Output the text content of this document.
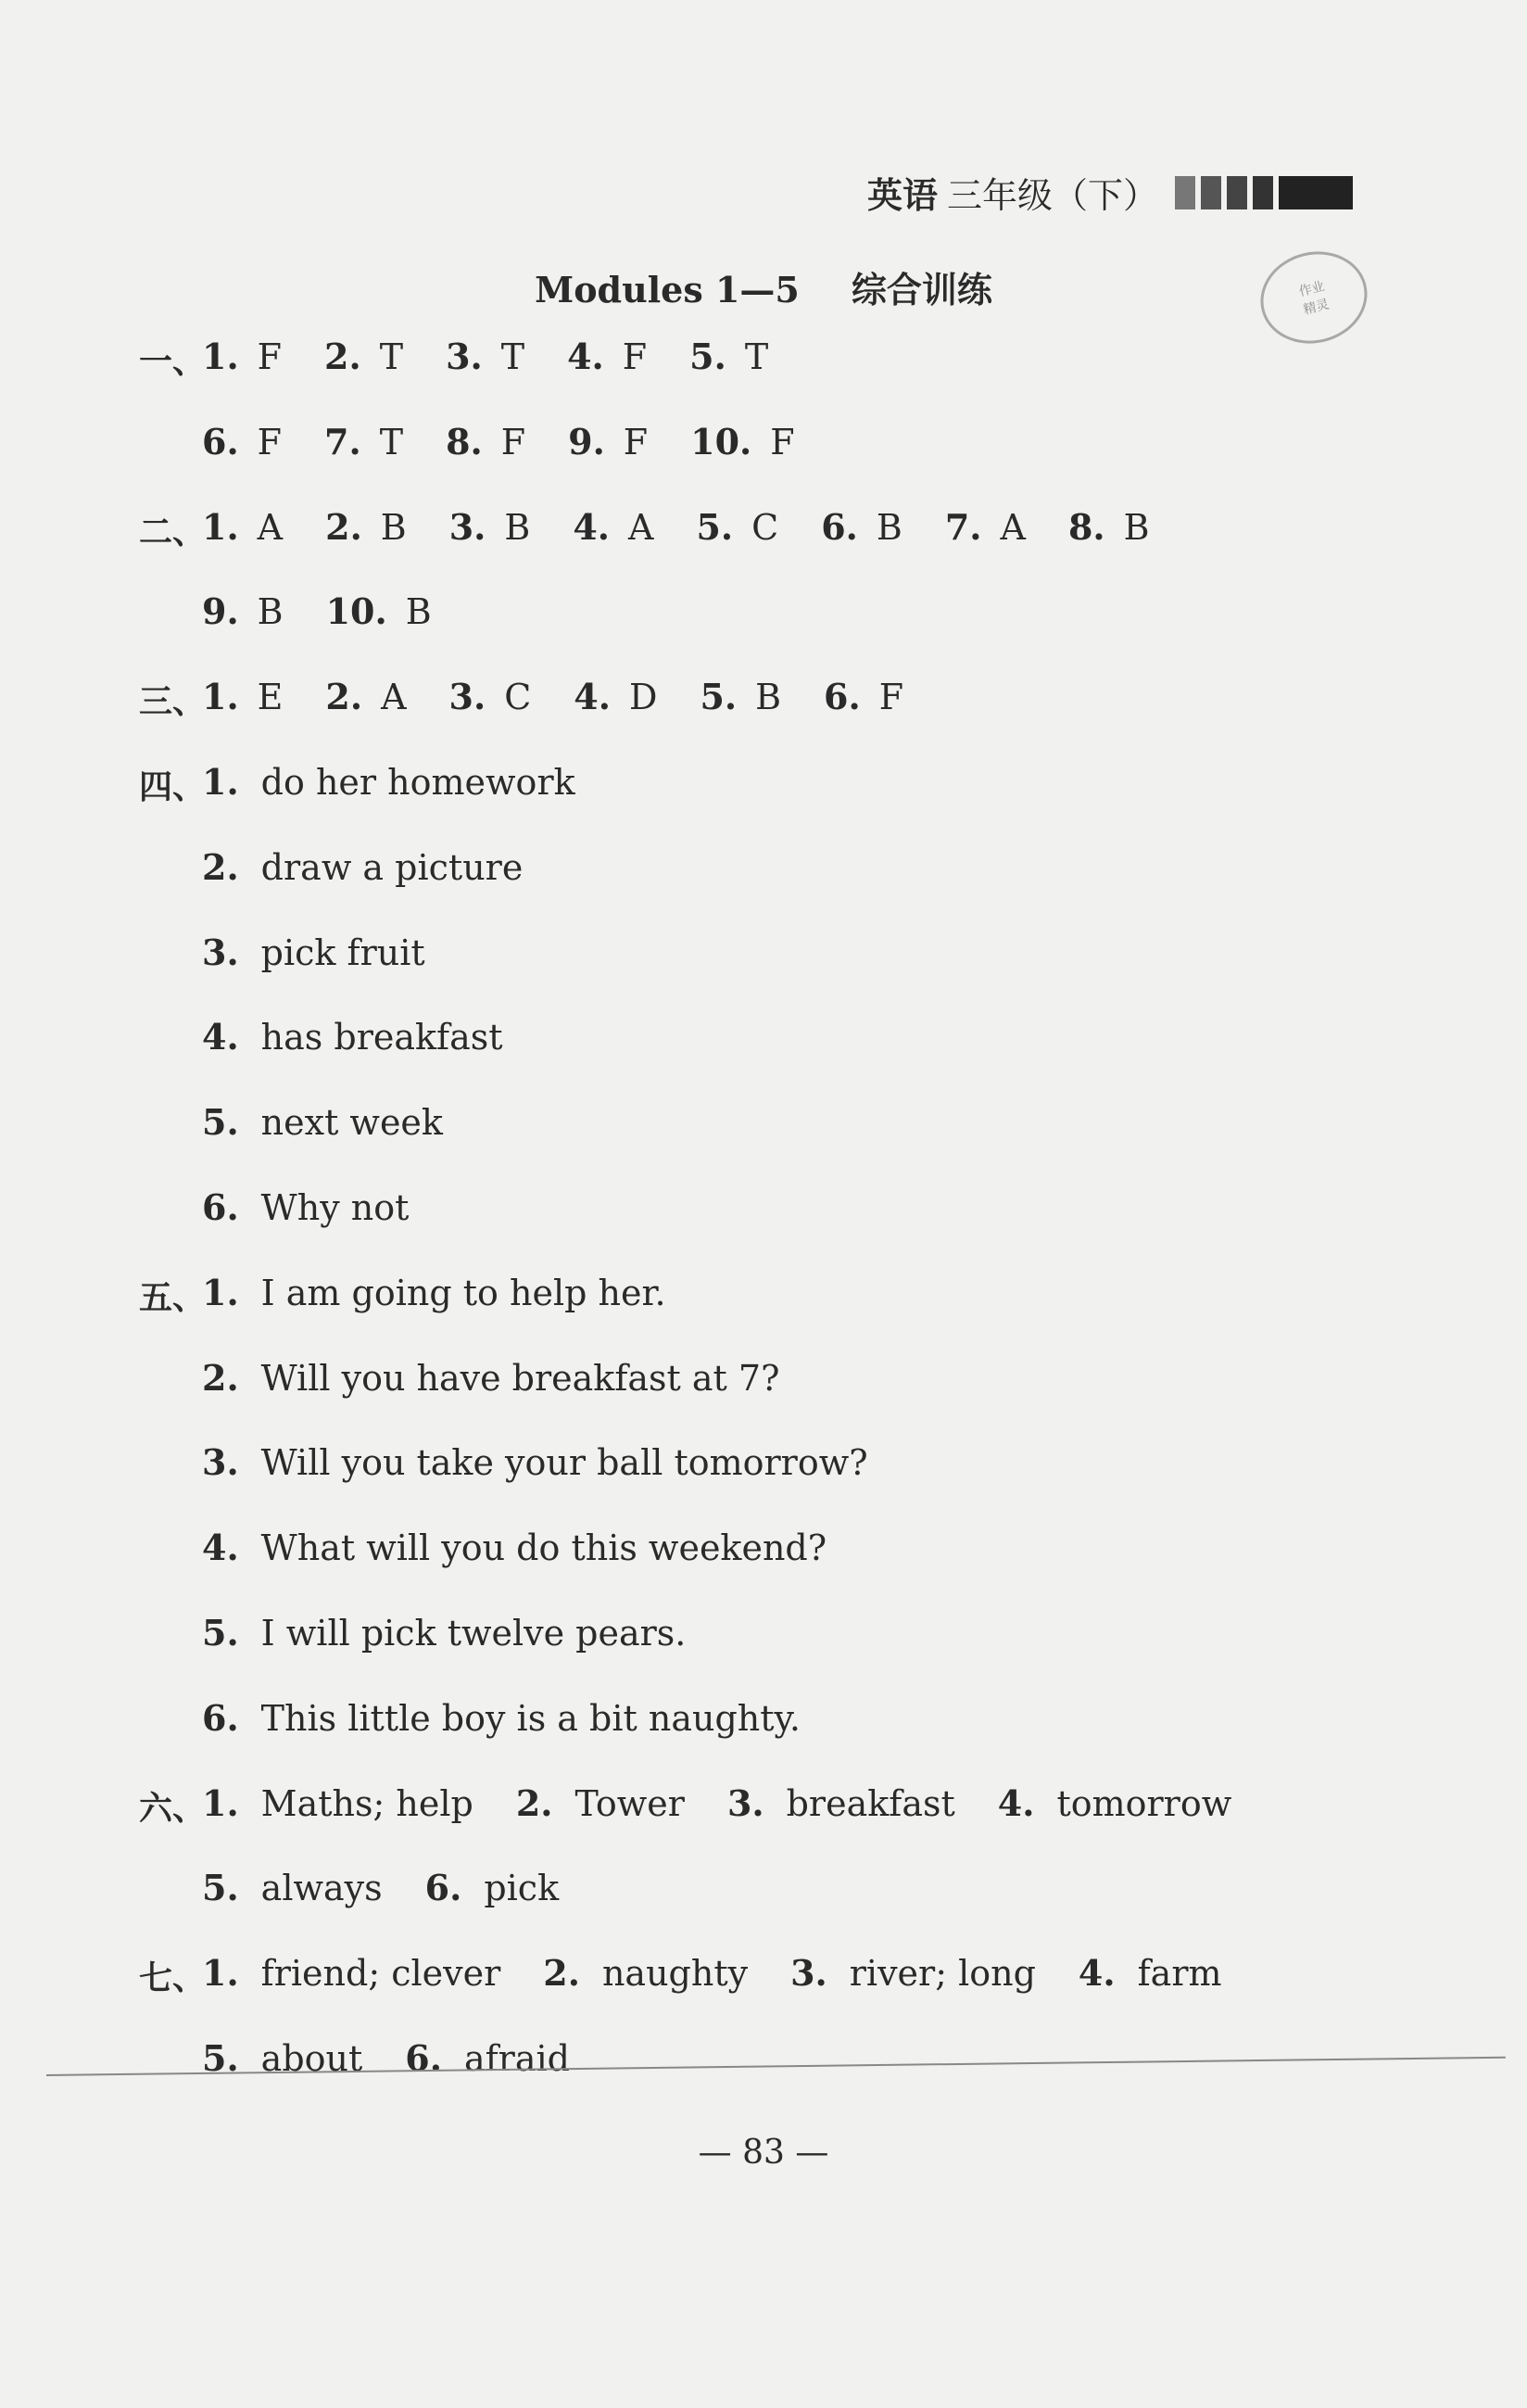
英语 三年级（下）
Modules 1—5 综合训练	作业
精灵
一、
1. F 2. T 3. T 4. F 5. T
6. F 7. T 8. F 9. F 10. F
二、
1. A 2. B 3. B 4. A 5. C 6. B 7. A 8. B
9. B 10. B
三、
1. E 2. A 3. C 4. D 5. B 6. F
四、
1. do her homework
2. draw a picture
3. pick fruit
4. has breakfast
5. next week
6. Why not
五、
1. I am going to help her.
2. Will you have breakfast at 7?
3. Will you take your ball tomorrow?
4. What will you do this weekend?
5. I will pick twelve pears.
6. This little boy is a bit naughty.
六、
1. Maths; help 2. Tower 3. breakfast 4. tomorrow
5. always 6. pick
七、
1. friend; clever 2. naughty 3. river; long 4. farm
5. about 6. afraid
— 83 —
